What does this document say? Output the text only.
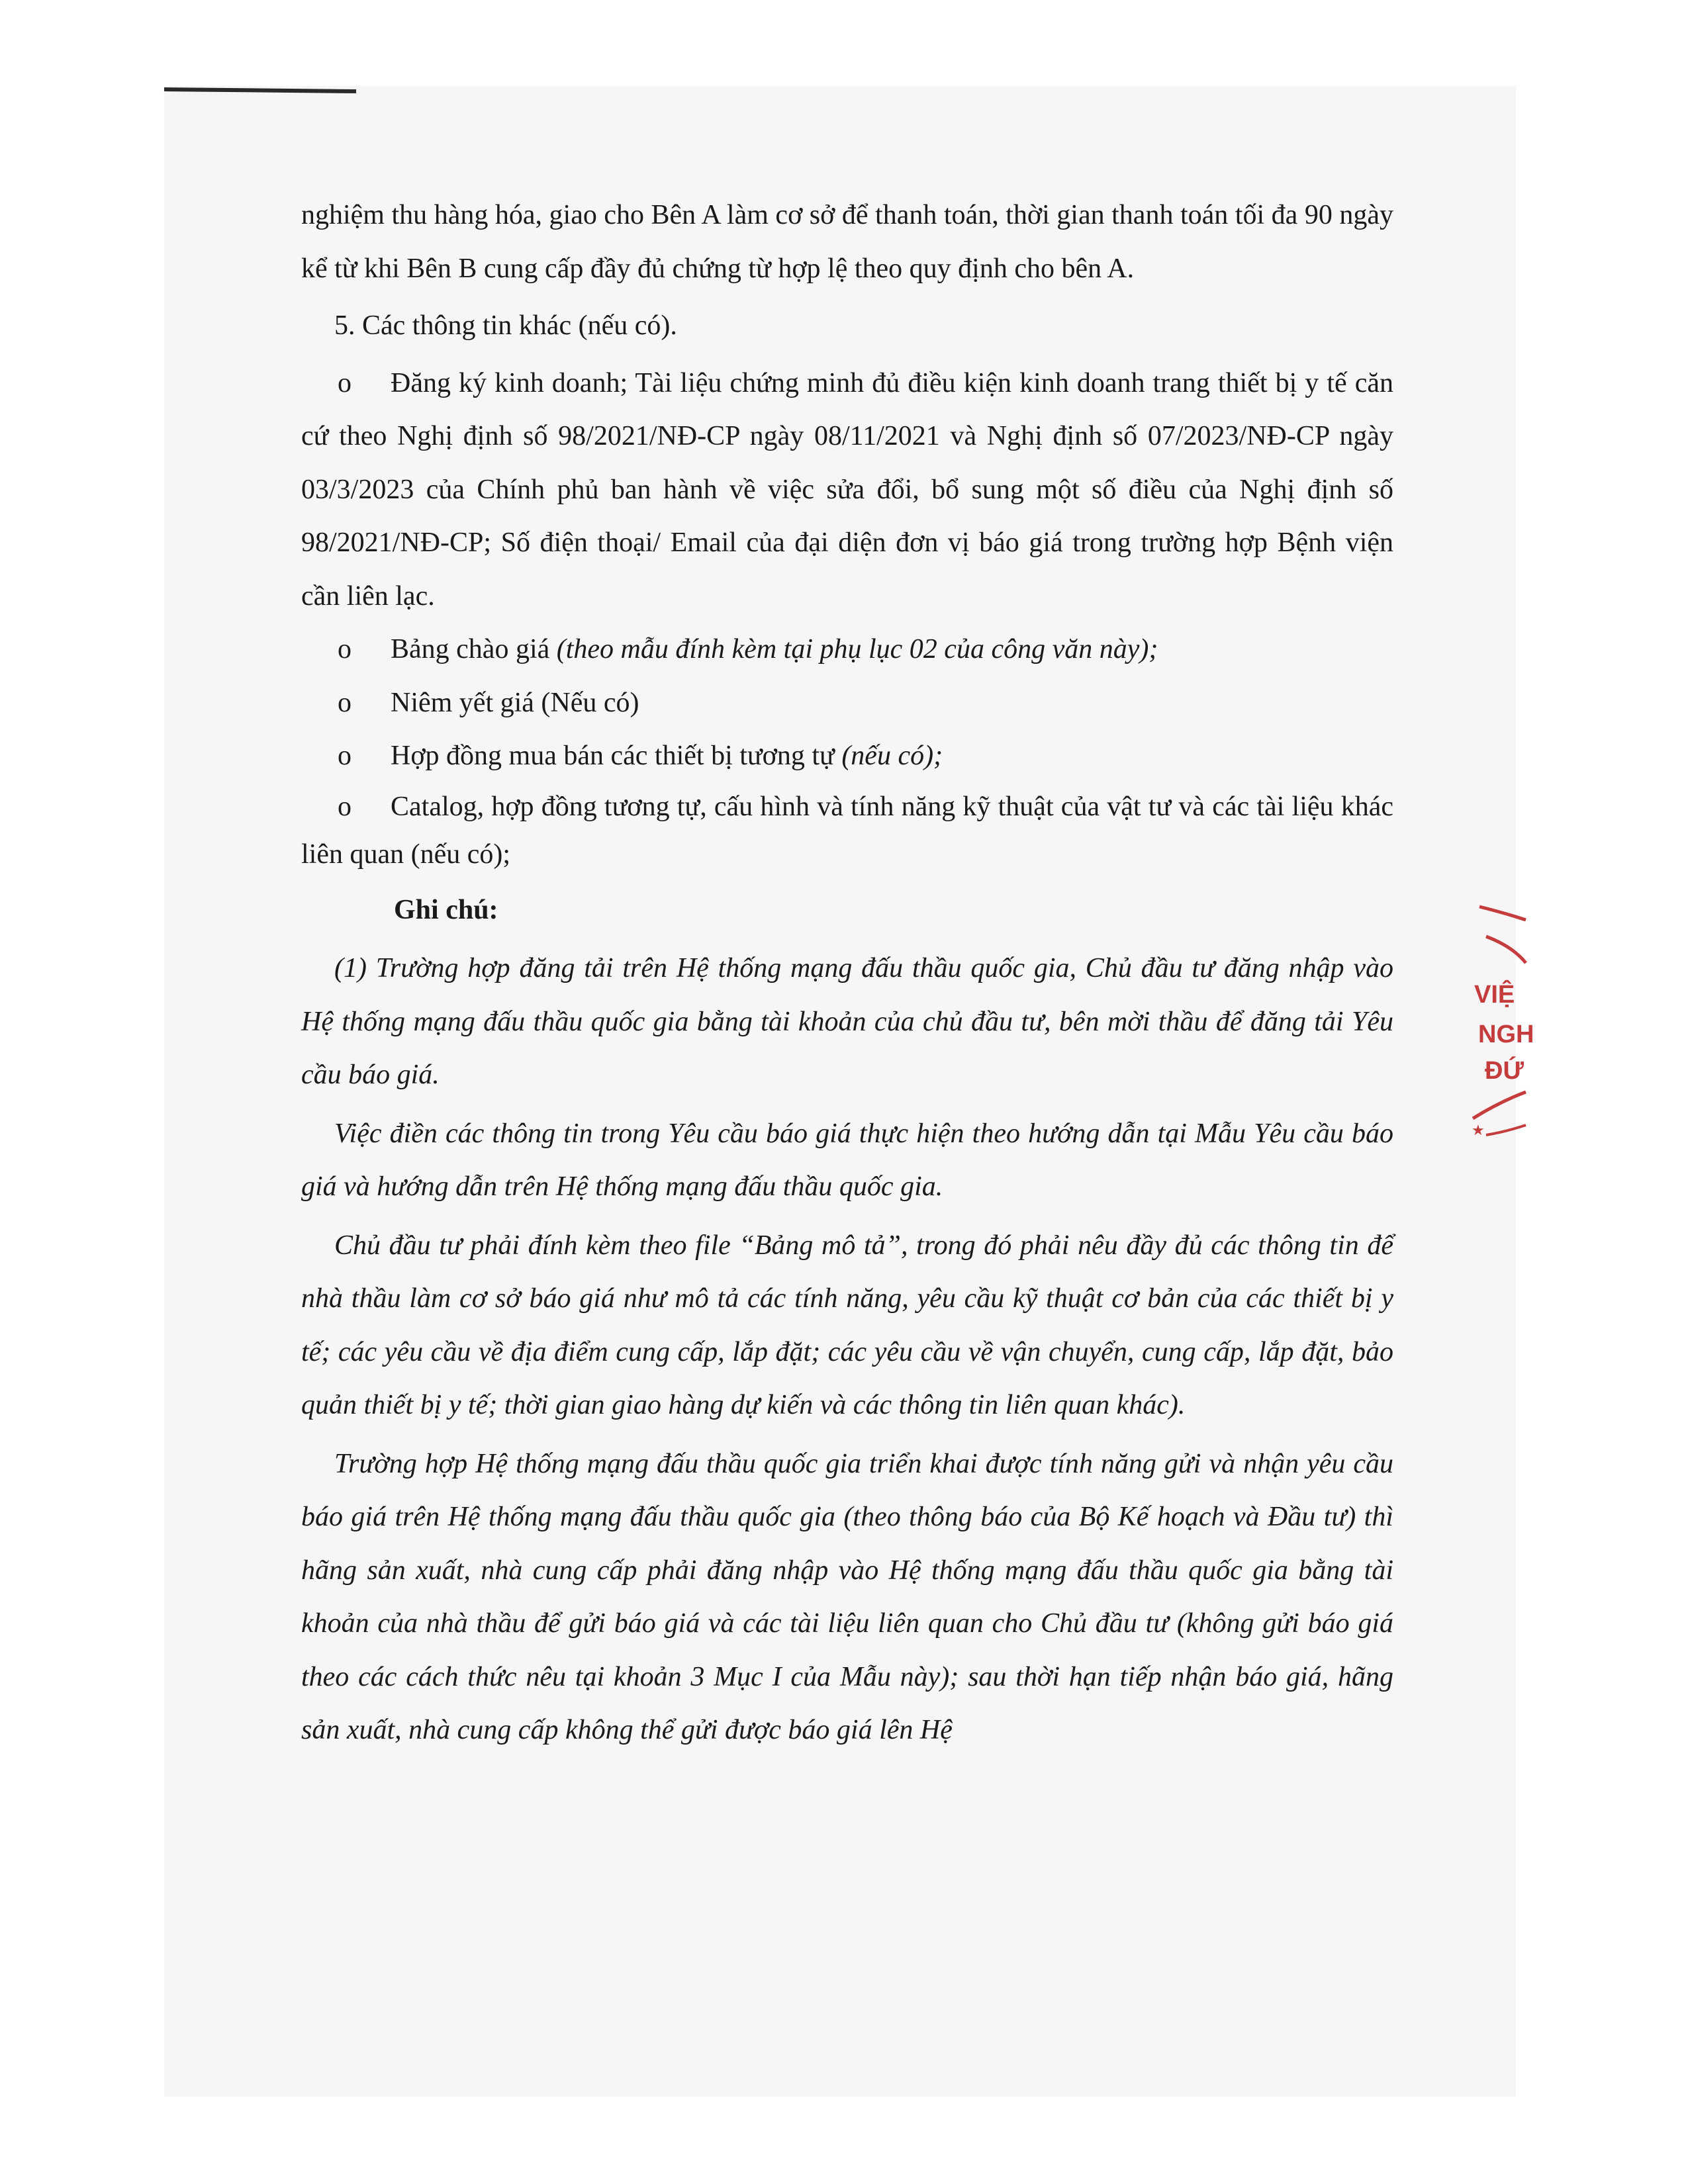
nghiệm thu hàng hóa, giao cho Bên A làm cơ sở để thanh toán, thời gian thanh toán tối đa 90 ngày kể từ khi Bên B cung cấp đầy đủ chứng từ hợp lệ theo quy định cho bên A.

5. Các thông tin khác (nếu có).

o Đăng ký kinh doanh; Tài liệu chứng minh đủ điều kiện kinh doanh trang thiết bị y tế căn cứ theo Nghị định số 98/2021/NĐ-CP ngày 08/11/2021 và Nghị định số 07/2023/NĐ-CP ngày 03/3/2023 của Chính phủ ban hành về việc sửa đổi, bổ sung một số điều của Nghị định số 98/2021/NĐ-CP; Số điện thoại/ Email của đại diện đơn vị báo giá trong trường hợp Bệnh viện cần liên lạc.

o Bảng chào giá (theo mẫu đính kèm tại phụ lục 02 của công văn này);

o Niêm yết giá (Nếu có)

o Hợp đồng mua bán các thiết bị tương tự (nếu có);

o Catalog, hợp đồng tương tự, cấu hình và tính năng kỹ thuật của vật tư và các tài liệu khác liên quan (nếu có);

Ghi chú:

(1) Trường hợp đăng tải trên Hệ thống mạng đấu thầu quốc gia, Chủ đầu tư đăng nhập vào Hệ thống mạng đấu thầu quốc gia bằng tài khoản của chủ đầu tư, bên mời thầu để đăng tải Yêu cầu báo giá.

Việc điền các thông tin trong Yêu cầu báo giá thực hiện theo hướng dẫn tại Mẫu Yêu cầu báo giá và hướng dẫn trên Hệ thống mạng đấu thầu quốc gia.

Chủ đầu tư phải đính kèm theo file “Bảng mô tả”, trong đó phải nêu đầy đủ các thông tin để nhà thầu làm cơ sở báo giá như mô tả các tính năng, yêu cầu kỹ thuật cơ bản của các thiết bị y tế; các yêu cầu về địa điểm cung cấp, lắp đặt; các yêu cầu về vận chuyển, cung cấp, lắp đặt, bảo quản thiết bị y tế; thời gian giao hàng dự kiến và các thông tin liên quan khác).

Trường hợp Hệ thống mạng đấu thầu quốc gia triển khai được tính năng gửi và nhận yêu cầu báo giá trên Hệ thống mạng đấu thầu quốc gia (theo thông báo của Bộ Kế hoạch và Đầu tư) thì hãng sản xuất, nhà cung cấp phải đăng nhập vào Hệ thống mạng đấu thầu quốc gia bằng tài khoản của nhà thầu để gửi báo giá và các tài liệu liên quan cho Chủ đầu tư (không gửi báo giá theo các cách thức nêu tại khoản 3 Mục I của Mẫu này); sau thời hạn tiếp nhận báo giá, hãng sản xuất, nhà cung cấp không thể gửi được báo giá lên Hệ

VIỆ
NGH
ĐỨ
★
